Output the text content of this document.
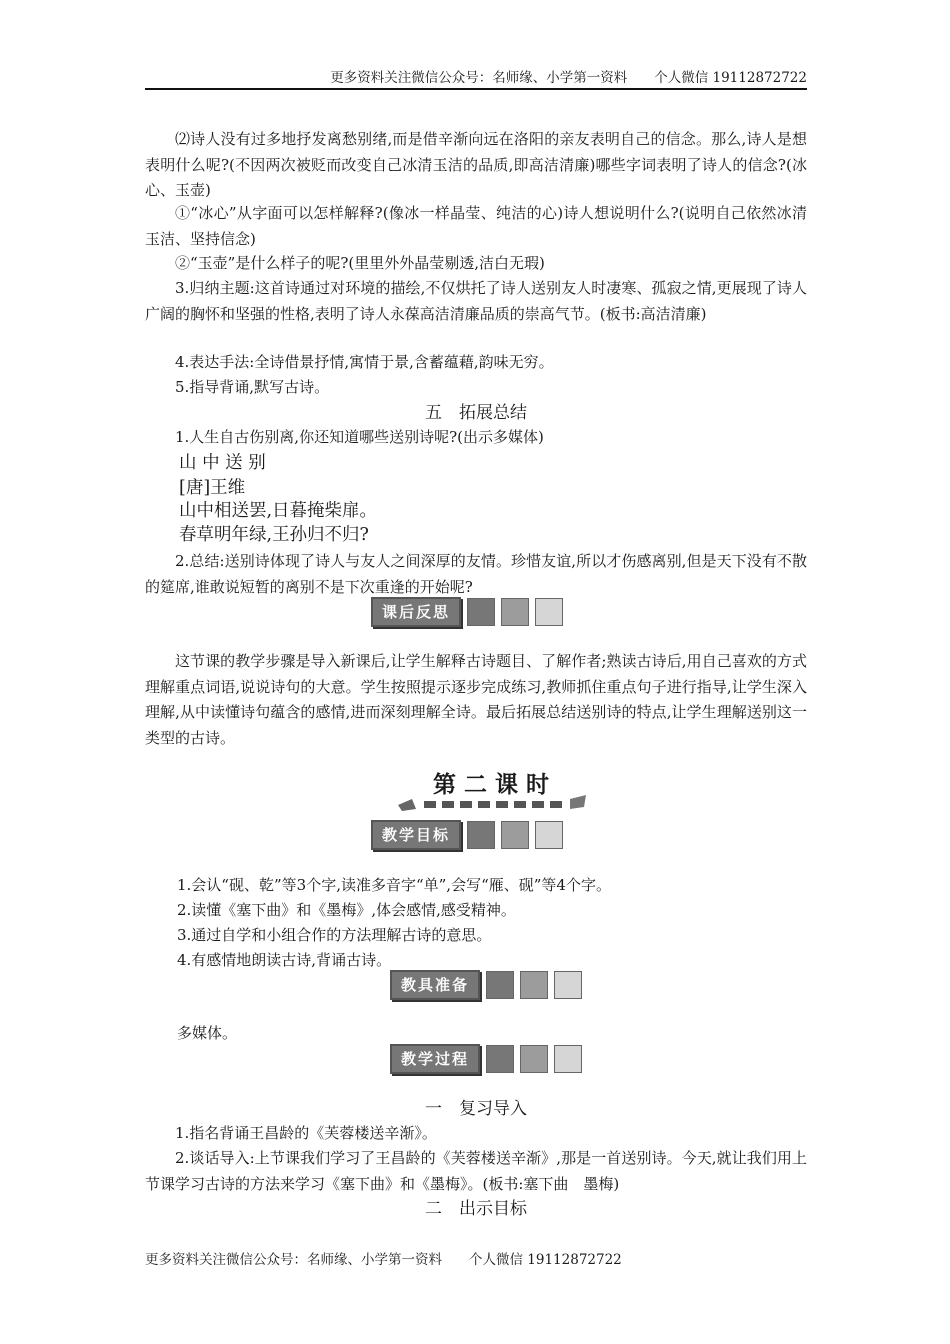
更多资料关注微信公众号：名师缘、小学第一资料　　个人微信 19112872722

⑵诗人没有过多地抒发离愁别绪,而是借辛渐向远在洛阳的亲友表明自己的信念。那么,诗人是想表明什么呢?(不因两次被贬而改变自己冰清玉洁的品质,即高洁清廉)哪些字词表明了诗人的信念?(冰心、玉壶)

①“冰心”从字面可以怎样解释?(像冰一样晶莹、纯洁的心)诗人想说明什么?(说明自己依然冰清玉洁、坚持信念)

②“玉壶”是什么样子的呢?(里里外外晶莹剔透,洁白无瑕)

3.归纳主题:这首诗通过对环境的描绘,不仅烘托了诗人送别友人时凄寒、孤寂之情,更展现了诗人广阔的胸怀和坚强的性格,表明了诗人永葆高洁清廉品质的崇高气节。(板书:高洁清廉)

4.表达手法:全诗借景抒情,寓情于景,含蓄蕴藉,韵味无穷。

5.指导背诵,默写古诗。

五　拓展总结

1.人生自古伤别离,你还知道哪些送别诗呢?(出示多媒体)

山 中 送 别

[唐]王维

山中相送罢,日暮掩柴扉。

春草明年绿,王孙归不归?

2.总结:送别诗体现了诗人与友人之间深厚的友情。珍惜友谊,所以才伤感离别,但是天下没有不散的筵席,谁敢说短暂的离别不是下次重逢的开始呢?

课后反思

这节课的教学步骤是导入新课后,让学生解释古诗题目、了解作者;熟读古诗后,用自己喜欢的方式理解重点词语,说说诗句的大意。学生按照提示逐步完成练习,教师抓住重点句子进行指导,让学生深入理解,从中读懂诗句蕴含的感情,进而深刻理解全诗。最后拓展总结送别诗的特点,让学生理解送别这一类型的古诗。

第二课时
教学目标

1.会认“砚、乾”等3个字,读准多音字“单”,会写“雁、砚”等4个字。

2.读懂《塞下曲》和《墨梅》,体会感情,感受精神。

3.通过自学和小组合作的方法理解古诗的意思。

4.有感情地朗读古诗,背诵古诗。

教具准备

多媒体。

教学过程

一　复习导入

1.指名背诵王昌龄的《芙蓉楼送辛渐》。

2.谈话导入:上节课我们学习了王昌龄的《芙蓉楼送辛渐》,那是一首送别诗。今天,就让我们用上节课学习古诗的方法来学习《塞下曲》和《墨梅》。(板书:塞下曲　墨梅)

二　出示目标

更多资料关注微信公众号：名师缘、小学第一资料　　个人微信 19112872722
